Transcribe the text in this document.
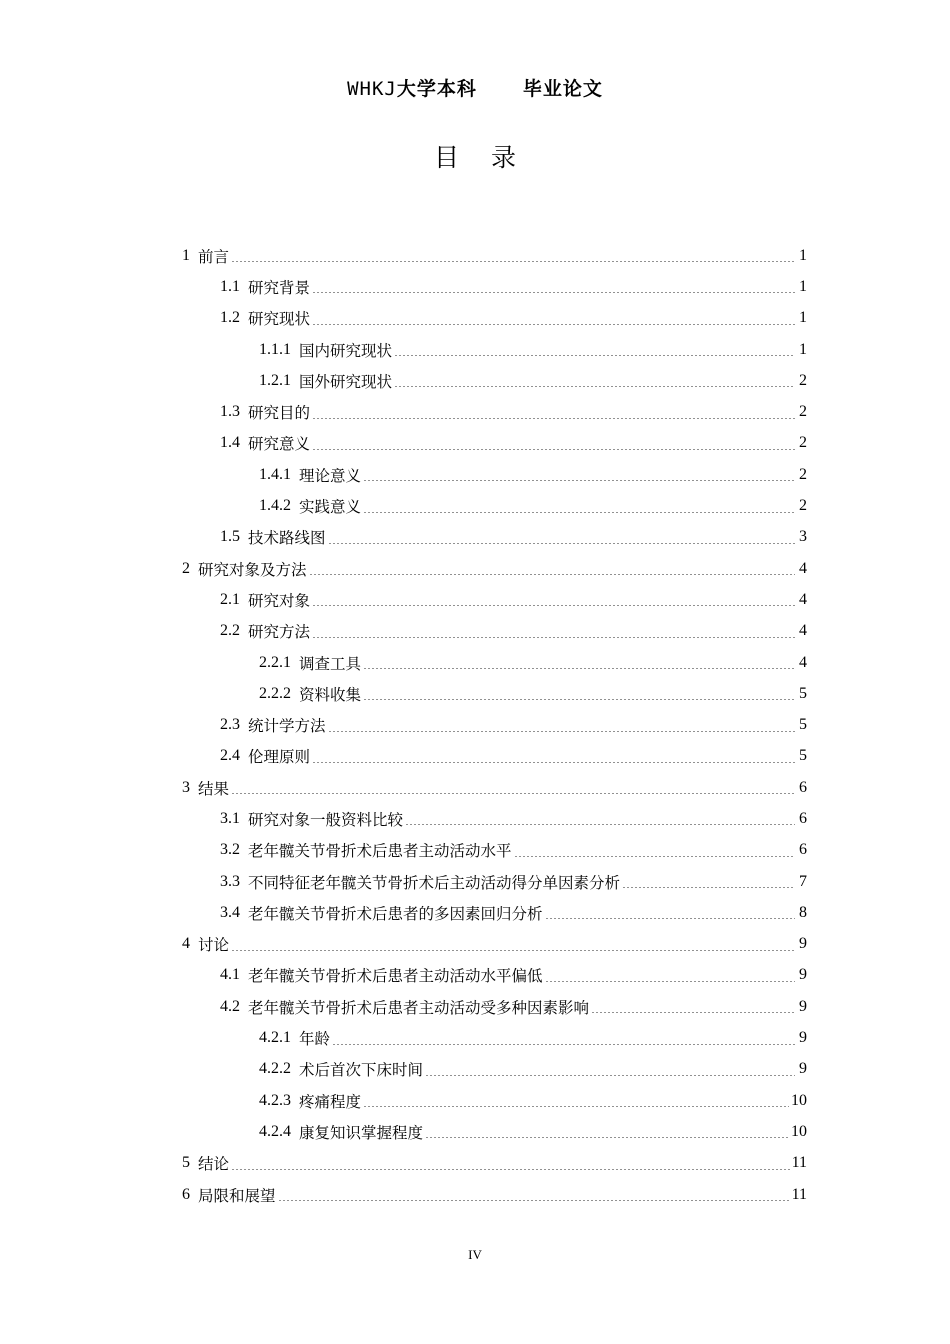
WHKJ大学本科 毕业论文
目录
1 前言	1
1.1 研究背景	1
1.2 研究现状	1
1.1.1 国内研究现状	1
1.2.1 国外研究现状	2
1.3 研究目的	2
1.4 研究意义	2
1.4.1 理论意义	2
1.4.2 实践意义	2
1.5 技术路线图	3
2 研究对象及方法	4
2.1 研究对象	4
2.2 研究方法	4
2.2.1 调查工具	4
2.2.2 资料收集	5
2.3 统计学方法	5
2.4 伦理原则	5
3 结果	6
3.1 研究对象一般资料比较	6
3.2 老年髋关节骨折术后患者主动活动水平	6
3.3 不同特征老年髋关节骨折术后主动活动得分单因素分析	7
3.4 老年髋关节骨折术后患者的多因素回归分析	8
4 讨论	9
4.1 老年髋关节骨折术后患者主动活动水平偏低	9
4.2 老年髋关节骨折术后患者主动活动受多种因素影响	9
4.2.1 年龄	9
4.2.2 术后首次下床时间	9
4.2.3 疼痛程度	10
4.2.4 康复知识掌握程度	10
5 结论	11
6 局限和展望	11
IV
